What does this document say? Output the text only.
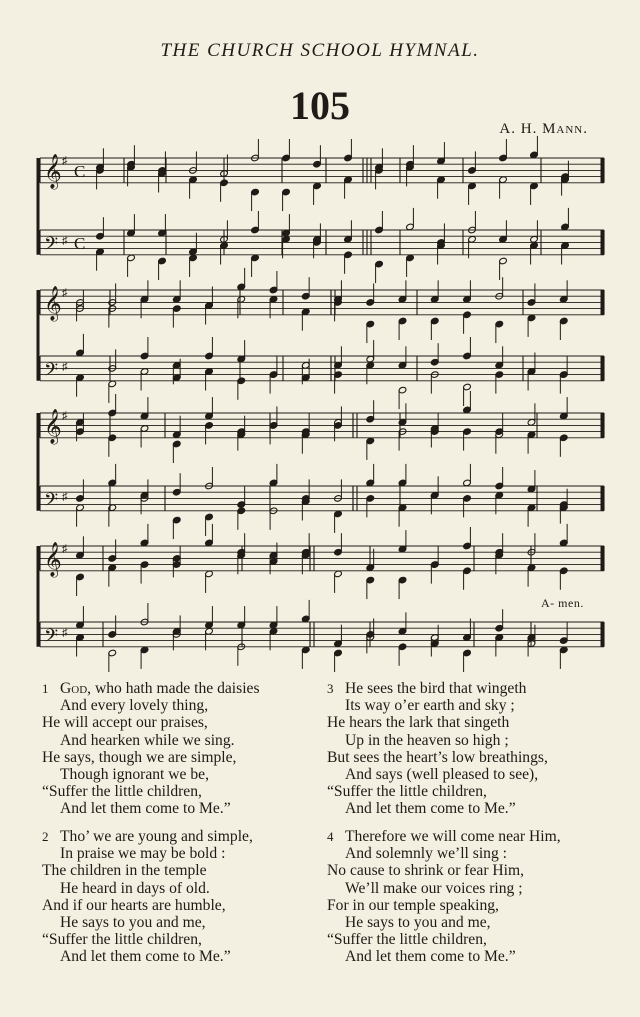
THE CHURCH SCHOOL HYMNAL.
105
A. H. Mann.
𝄞 ♯
C
𝄢 ♯ C
𝄞 ♯
𝄢 ♯
𝄞 ♯
𝄢 ♯
𝄞 ♯
𝄢 ♯
A- men.
1 God, who hath made the daisies
And every lovely thing,
He will accept our praises,
And hearken while we sing.
He says, though we are simple,
Though ignorant we be,
“Suffer the little children,
And let them come to Me.”
3 He sees the bird that wingeth
Its way o’er earth and sky ;
He hears the lark that singeth
Up in the heaven so high ;
But sees the heart’s low breathings,
And says (well pleased to see),
“Suffer the little children,
And let them come to Me.”
2 Tho’ we are young and simple,
In praise we may be bold :
The children in the temple
He heard in days of old.
And if our hearts are humble,
He says to you and me,
“Suffer the little children,
And let them come to Me.”
4 Therefore we will come near Him,
And solemnly we’ll sing :
No cause to shrink or fear Him,
We’ll make our voices ring ;
For in our temple speaking,
He says to you and me,
“Suffer the little children,
And let them come to Me.”
